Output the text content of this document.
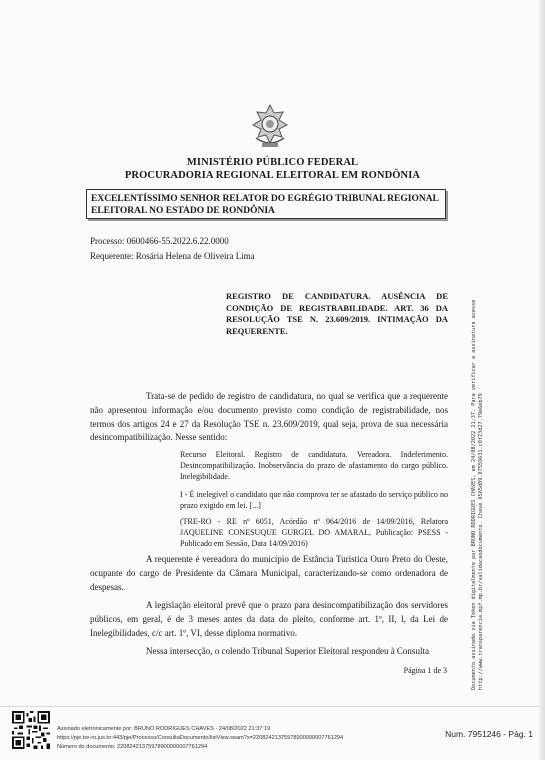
MINISTÉRIO PÚBLICO FEDERAL
PROCURADORIA REGIONAL ELEITORAL EM RONDÔNIA
EXCELENTÍSSIMO SENHOR RELATOR DO EGRÉGIO TRIBUNAL REGIONAL
ELEITORAL NO ESTADO DE RONDÔNIA
Processo: 0600466-55.2022.6.22.0000
Requerente: Rosária Helena de Oliveira Lima
REGISTRO DE CANDIDATURA. AUSÊNCIA DE CONDIÇÃO DE REGISTRABILIDADE. ART. 36 DA RESOLUÇÃO TSE N. 23.609/2019. INTIMAÇÃO DA REQUERENTE.
Trata-se de pedido de registro de candidatura, no qual se verifica que a requerente não apresentou informação e/ou documento previsto como condição de registrabilidade, nos termos dos artigos 24 e 27 da Resolução TSE n. 23.609/2019, qual seja, prova de sua necessária desincompatibilização. Nesse sentido:
Recurso Eleitoral. Registro de candidatura. Vereadora. Indeferimento. Desincompatibilização. Inobservância do prazo de afastamento do cargo público. Inelegibilidade.
I - É inelegível o candidato que não comprova ter se afastado do serviço público no prazo exigido em lei. [...]
(TRE-RO - RE nº 6051, Acórdão nº 964/2016 de 14/09/2016, Relatora JAQUELINE CONESUQUE GURGEL DO AMARAL, Publicação: PSESS - Publicado em Sessão, Data 14/09/2016)
A requerente é vereadora do município de Estância Turística Ouro Preto do Oeste, ocupante do cargo de Presidente da Câmara Municipal, caracterizando-se como ordenadora de despesas.
A legislação eleitoral prevê que o prazo para desincompatibilização dos servidores públicos, em geral, é de 3 meses antes da data do pleito, conforme art. 1º, II, l, da Lei de Inelegibilidades, c/c art. 1º, VI, desse diploma normativo.
Nessa intersecção, o colendo Tribunal Superior Eleitoral respondeu à Consulta
Página 1 de 3	Documento assinado via Token digitalmente por BRUNO RODRIGUES CHAVES, em 24/08/2022 21:37. Para verificar a assinatura acesse http://www.transparencia.mpf.mp.br/validacaodocumento. Chave 6565d89.07559631.c0f23d27.79e6eb79
Assinado eletronicamente por: BRUNO RODRIGUES CHAVES - 24/08/2022 21:37:19
https://pje.tre-ro.jus.br:443/pje/Processo/ConsultaDocumento/listView.seam?x=22082421375978900000007761294
Número do documento: 22082421375978900000007761294
Num. 7951246 - Pág. 1
